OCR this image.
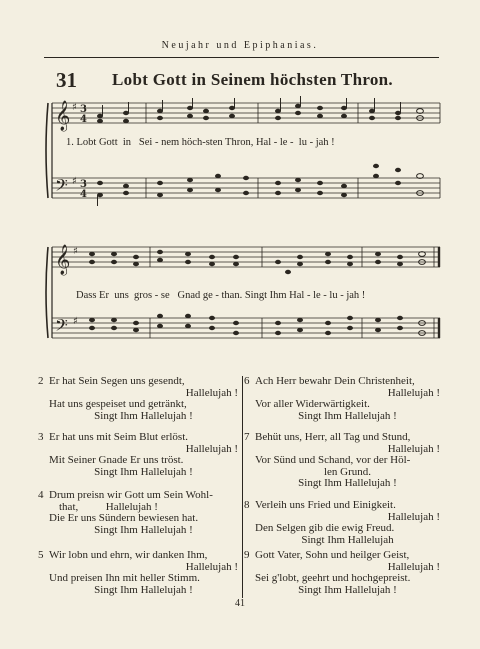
Neujahr und Epiphanias.
31 Lobt Gott in Seinem höchsten Thron.
𝄞 ♯ 3
4
𝄢 ♯ 3
4
𝄞 ♯
𝄢 ♯
1. Lobt Gott  in   Sei - nem höch-sten Thron, Hal - le -  lu - jah !
Dass Er  uns  gros - se   Gnad ge - than. Singt Ihm Hal - le - lu - jah !
2 Er hat Sein Segen uns gesendt,
Hallelujah !
Hat uns gespeiset und getränkt,
Singt Ihm Hallelujah !
3 Er hat uns mit Seim Blut erlöst.
Hallelujah !
Mit Seiner Gnade Er uns tröst.
Singt Ihm Hallelujah !
4 Drum preisn wir Gott um Sein Wohl-
that,          Hallelujah !
Die Er uns Sündern bewiesen hat.
Singt Ihm Hallelujah !
5 Wir lobn und ehrn, wir danken Ihm,
Hallelujah !
Und preisen Ihn mit heller Stimm.
Singt Ihm Hallelujah !
6 Ach Herr bewahr Dein Christenheit,
Hallelujah !
Vor aller Widerwärtigkeit.
Singt Ihm Hallelujah !
7 Behüt uns, Herr, all Tag und Stund,
Hallelujah !
Vor Sünd und Schand, vor der Höl-
len Grund.
Singt Ihm Hallelujah !
8 Verleih uns Fried und Einigkeit.
Hallelujah !
Den Selgen gib die ewig Freud.
Singt Ihm Hallelujah
9 Gott Vater, Sohn und heilger Geist,
Hallelujah !
Sei g'lobt, geehrt und hochgepreist.
Singt Ihm Hallelujah !
41
